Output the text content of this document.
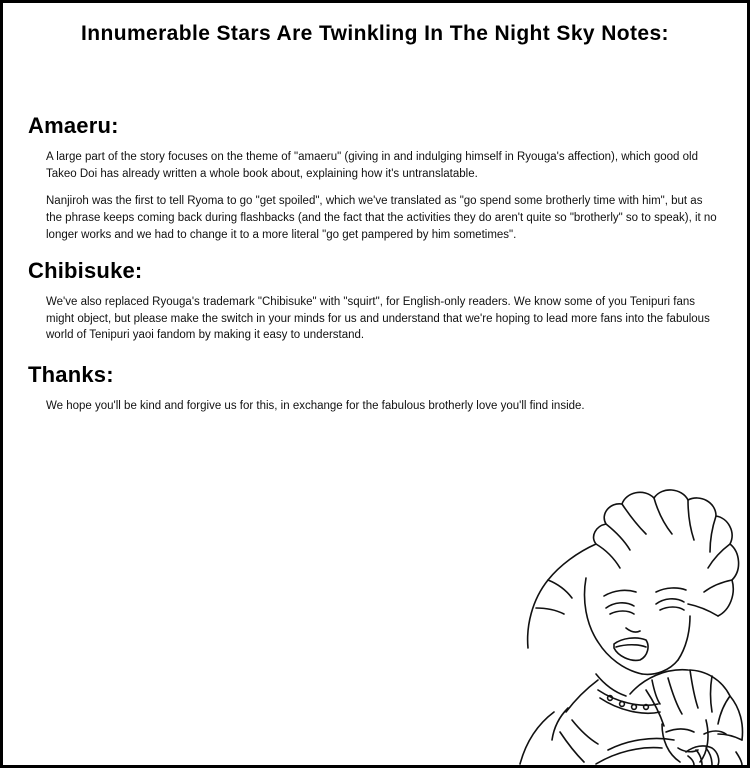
Innumerable Stars Are Twinkling In The Night Sky Notes:
Amaeru:

A large part of the story focuses on the theme of "amaeru" (giving in and indulging himself in Ryouga's affection), which good old Takeo Doi has already written a whole book about, explaining how it's untranslatable.

Nanjiroh was the first to tell Ryoma to go "get spoiled", which we've translated as "go spend some brotherly time with him", but as the phrase keeps coming back during flashbacks (and the fact that the activities they do aren't quite so "brotherly" so to speak), it no longer works and we had to change it to a more literal "go get pampered by him sometimes".

Chibisuke:

We've also replaced Ryouga's trademark "Chibisuke" with "squirt", for English-only readers. We know some of you Tenipuri fans might object, but please make the switch in your minds for us and understand that we're hoping to lead more fans into the fabulous world of Tenipuri yaoi fandom by making it easy to understand.

Thanks:

We hope you'll be kind and forgive us for this, in exchange for the fabulous brotherly love you'll find inside.
